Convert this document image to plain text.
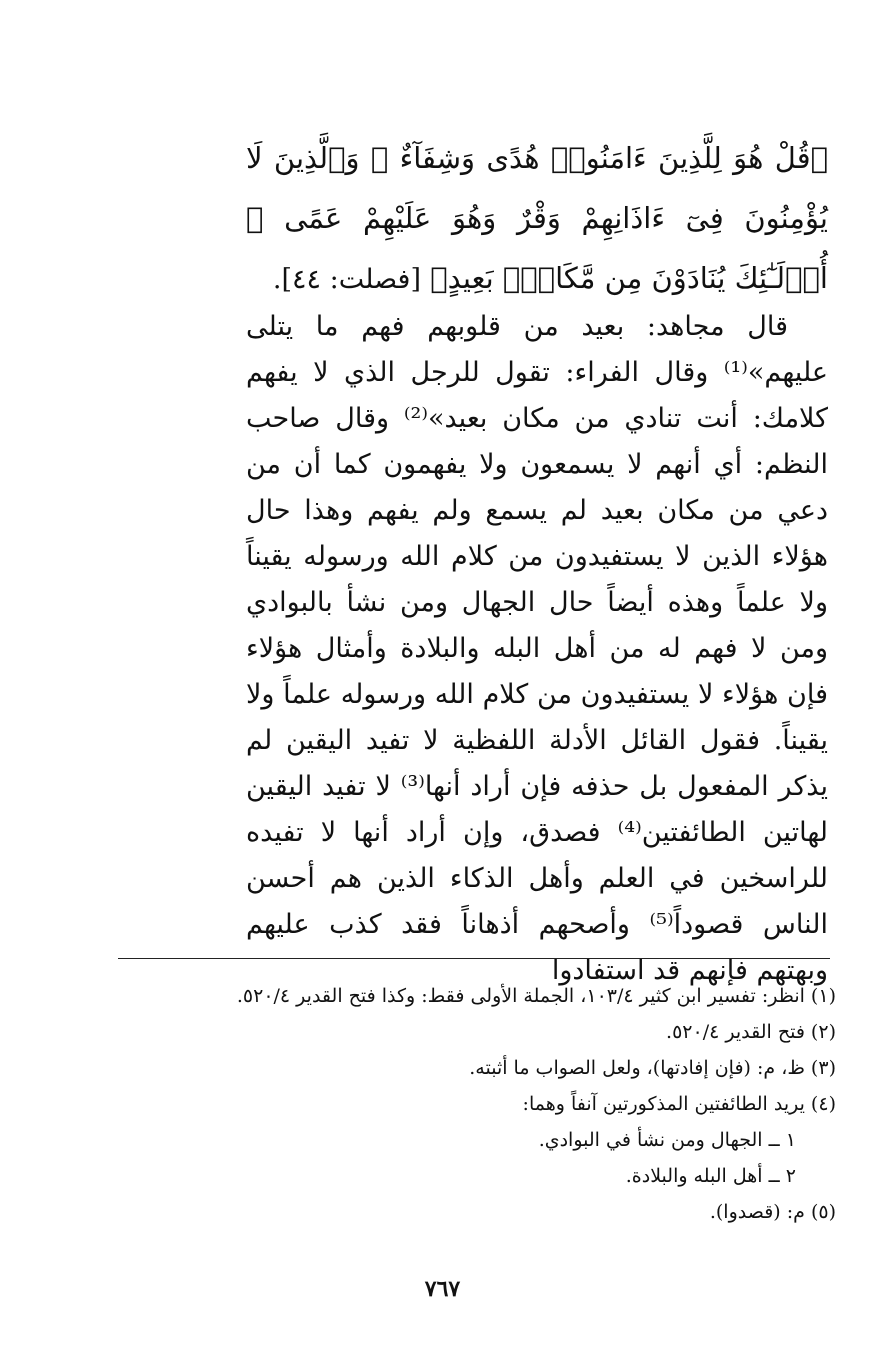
﴿قُلْ هُوَ لِلَّذِينَ ءَامَنُوا۟ هُدًى وَشِفَآءٌ ۖ وَٱلَّذِينَ لَا يُؤْمِنُونَ فِىٓ ءَاذَانِهِمْ وَقْرٌ وَهُوَ عَلَيْهِمْ عَمًى ۚ أُو۟لَـٰٓئِكَ يُنَادَوْنَ مِن مَّكَانٍۭ بَعِيدٍ﴾ [فصلت: ٤٤].

قال مجاهد: بعيد من قلوبهم فهم ما يتلى عليهم»⁽¹⁾ وقال الفراء: تقول للرجل الذي لا يفهم كلامك: أنت تنادي من مكان بعيد»⁽²⁾ وقال صاحب النظم: أي أنهم لا يسمعون ولا يفهمون كما أن من دعي من مكان بعيد لم يسمع ولم يفهم وهذا حال هؤلاء الذين لا يستفيدون من كلام الله ورسوله يقيناً ولا علماً وهذه أيضاً حال الجهال ومن نشأ بالبوادي ومن لا فهم له من أهل البله والبلادة وأمثال هؤلاء فإن هؤلاء لا يستفيدون من كلام الله ورسوله علماً ولا يقيناً. فقول القائل الأدلة اللفظية لا تفيد اليقين لم يذكر المفعول بل حذفه فإن أراد أنها⁽³⁾ لا تفيد اليقين لهاتين الطائفتين⁽⁴⁾ فصدق، وإن أراد أنها لا تفيده للراسخين في العلم وأهل الذكاء الذين هم أحسن الناس قصوداً⁽⁵⁾ وأصحهم أذهاناً فقد كذب عليهم وبهتهم فإنهم قد استفادوا

(١) انظر: تفسير ابن كثير ١٠٣/٤، الجملة الأولى فقط: وكذا فتح القدير ٥٢٠/٤.
(٢) فتح القدير ٥٢٠/٤.
(٣) ظ، م: (فإن إفادتها)، ولعل الصواب ما أثبته.
(٤) يريد الطائفتين المذكورتين آنفاً وهما:
١ ــ الجهال ومن نشأ في البوادي.
٢ ــ أهل البله والبلادة.
(٥) م: (قصدوا).
٧٦٧
